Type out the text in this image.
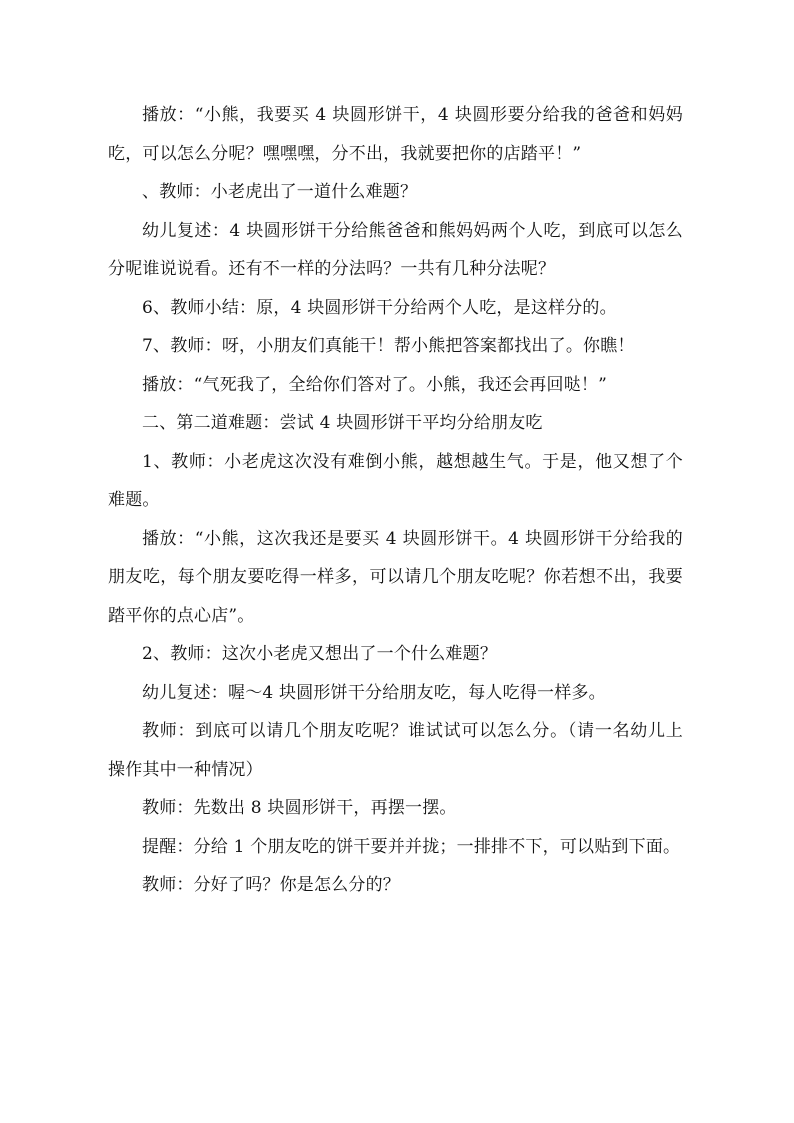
播放：“小熊，我要买 4 块圆形饼干，4 块圆形要分给我的爸爸和妈妈吃，可以怎么分呢？嘿嘿嘿，分不出，我就要把你的店踏平！”

、教师：小老虎出了一道什么难题？

幼儿复述：4 块圆形饼干分给熊爸爸和熊妈妈两个人吃，到底可以怎么分呢谁说说看。还有不一样的分法吗？一共有几种分法呢？

6、教师小结：原，4 块圆形饼干分给两个人吃，是这样分的。

7、教师：呀，小朋友们真能干！帮小熊把答案都找出了。你瞧！

播放：“气死我了，全给你们答对了。小熊，我还会再回哒！”

二、第二道难题：尝试 4 块圆形饼干平均分给朋友吃

1、教师：小老虎这次没有难倒小熊，越想越生气。于是，他又想了个难题。

播放：“小熊，这次我还是要买 4 块圆形饼干。4 块圆形饼干分给我的朋友吃，每个朋友要吃得一样多，可以请几个朋友吃呢？你若想不出，我要踏平你的点心店”。

2、教师：这次小老虎又想出了一个什么难题？

幼儿复述：喔～4 块圆形饼干分给朋友吃，每人吃得一样多。

教师：到底可以请几个朋友吃呢？谁试试可以怎么分。（请一名幼儿上操作其中一种情况）

教师：先数出 8 块圆形饼干，再摆一摆。

提醒：分给 1 个朋友吃的饼干要并并拢；一排排不下，可以贴到下面。

教师：分好了吗？你是怎么分的？
